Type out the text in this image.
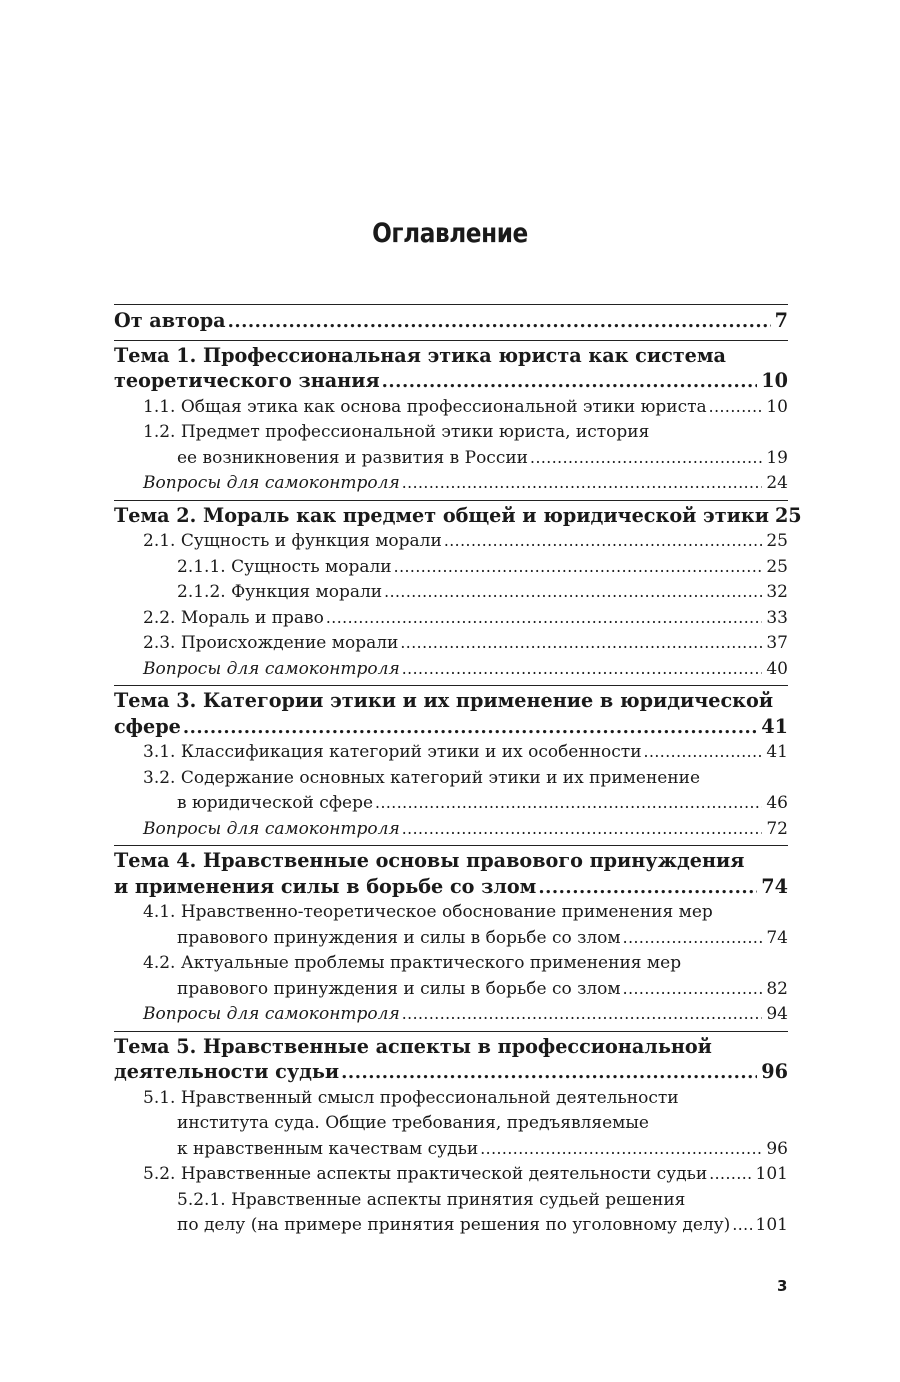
Оглавление
От автора .....	7
Тема 1. Профессиональная этика юриста как система
теоретического знания .....	10
1.1. Общая этика как основа профессиональной этики юриста .....	10
1.2. Предмет профессиональной этики юриста, история
ее возникновения и развития в России .....	19
Вопросы для самоконтроля .....	24
Тема 2. Мораль как предмет общей и юридической этики 25
2.1. Сущность и функция морали .....	25
2.1.1. Сущность морали .....	25
2.1.2. Функция морали .....	32
2.2. Мораль и право .....	33
2.3. Происхождение морали .....	37
Вопросы для самоконтроля .....	40
Тема 3. Категории этики и их применение в юридической
сфере .....	41
3.1. Классификация категорий этики и их особенности .....	41
3.2. Содержание основных категорий этики и их применение
в юридической сфере .....	46
Вопросы для самоконтроля .....	72
Тема 4. Нравственные основы правового принуждения
и применения силы в борьбе со злом .....	74
4.1. Нравственно-теоретическое обоснование применения мер
правового принуждения и силы в борьбе со злом .....	74
4.2. Актуальные проблемы практического применения мер
правового принуждения и силы в борьбе со злом .....	82
Вопросы для самоконтроля .....	94
Тема 5. Нравственные аспекты в профессиональной
деятельности судьи .....	96
5.1. Нравственный смысл профессиональной деятельности
института суда. Общие требования, предъявляемые
к нравственным качествам судьи .....	96
5.2. Нравственные аспекты практической деятельности судьи .....	101
5.2.1. Нравственные аспекты принятия судьей решения
по делу (на примере принятия решения по уголовному делу) ..... 101
3
